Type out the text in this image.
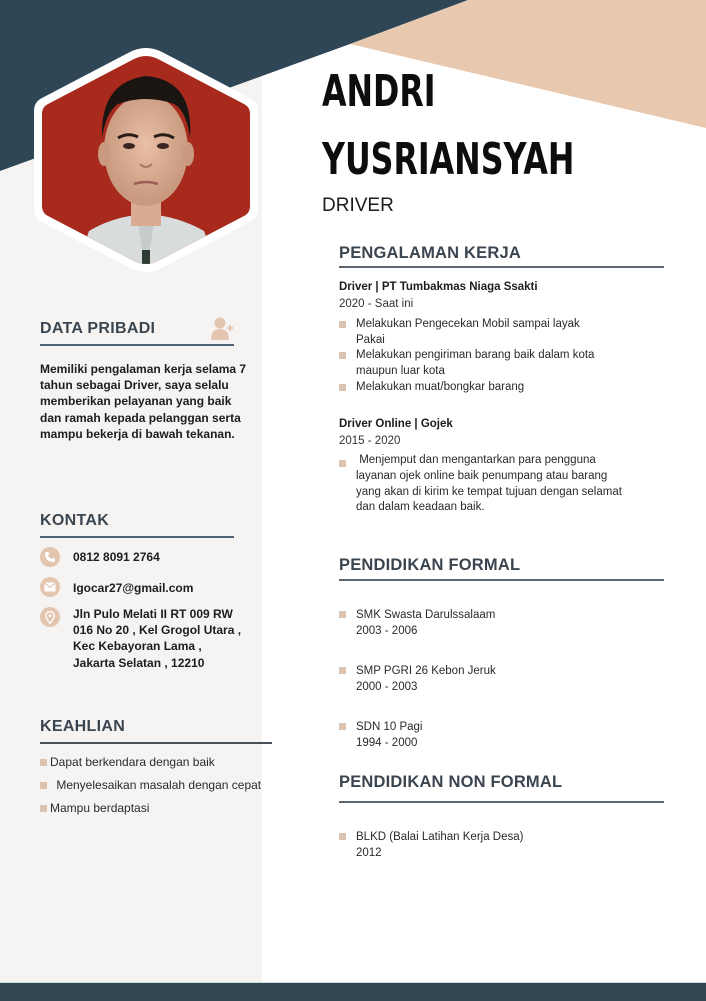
ANDRI
YUSRIANSYAH
DRIVER
DATA PRIBADI
Memiliki pengalaman kerja selama 7 tahun sebagai Driver, saya selalu memberikan pelayanan yang baik dan ramah kepada pelanggan serta mampu bekerja di bawah tekanan.
KONTAK
0812 8091 2764
Igocar27@gmail.com
Jln Pulo Melati II RT 009 RW
016 No 20 , Kel Grogol Utara ,
Kec Kebayoran Lama ,
Jakarta Selatan , 12210
KEAHLIAN
Dapat berkendara dengan baik
Menyelesaikan masalah dengan cepat
Mampu berdaptasi
PENGALAMAN KERJA
Driver | PT Tumbakmas Niaga Ssakti
2020 - Saat ini
Melakukan Pengecekan Mobil sampai layak Pakai
Melakukan pengiriman barang baik dalam kota maupun luar kota
Melakukan muat/bongkar barang
Driver Online | Gojek
2015 - 2020
Menjemput dan mengantarkan para pengguna layanan ojek online baik penumpang atau barang yang akan di kirim ke tempat tujuan dengan selamat dan dalam keadaan baik.
PENDIDIKAN FORMAL
SMK Swasta Darulssalaam
2003 - 2006
SMP PGRI 26 Kebon Jeruk
2000 - 2003
SDN 10 Pagi
1994 - 2000
PENDIDIKAN NON FORMAL
BLKD (Balai Latihan Kerja Desa)
2012
